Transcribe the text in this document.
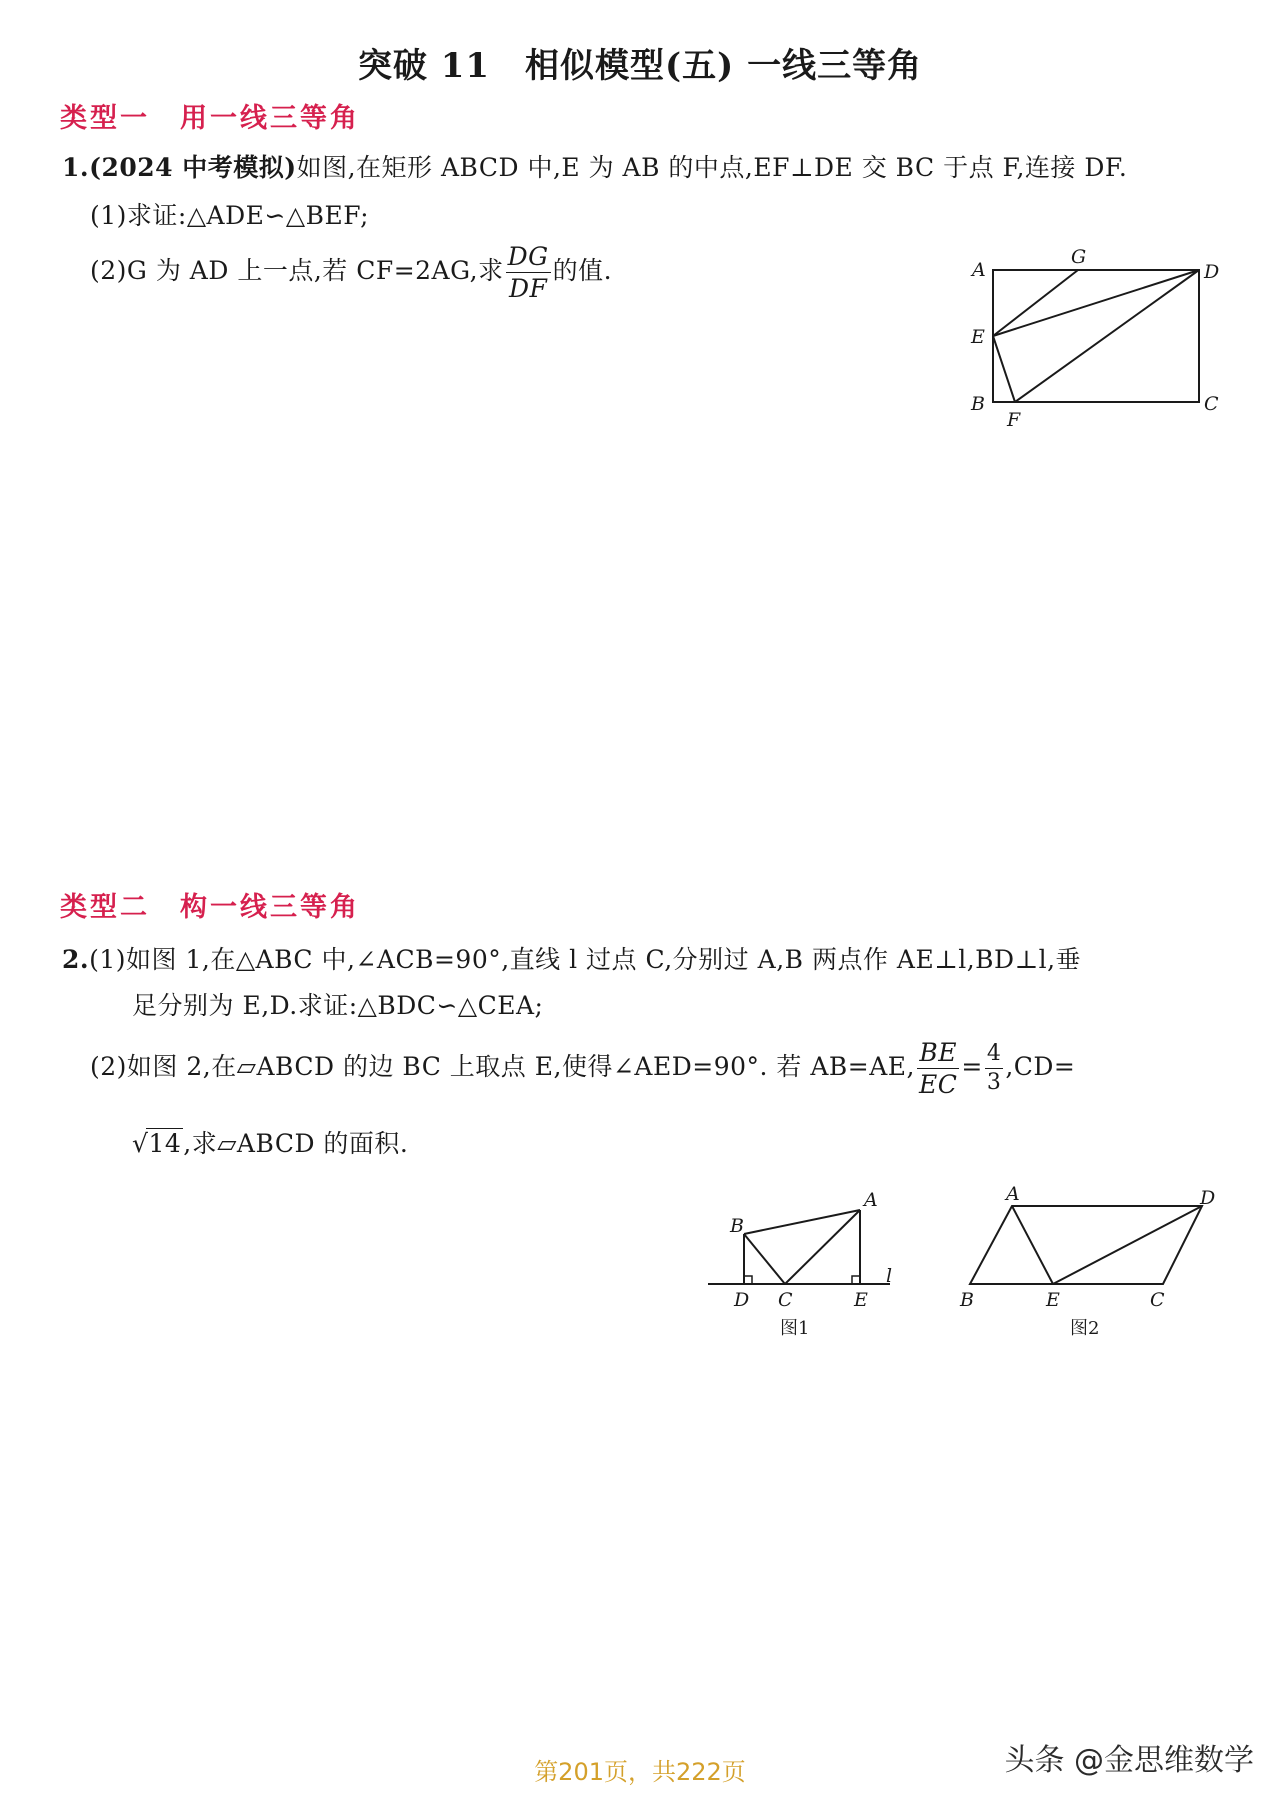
突破 11　相似模型(五) 一线三等角
类型一　用一线三等角
1.(2024 中考模拟)如图,在矩形 ABCD 中,E 为 AB 的中点,EF⊥DE 交 BC 于点 F,连接 DF.
(1)求证:△ADE∽△BEF;
(2)G 为 AD 上一点,若 CF=2AG,求 $\frac{DG}{DF}$ 的值.	A
G
D
E
B
F
C
类型二　构一线三等角
2.(1)如图 1,在△ABC 中,∠ACB=90°,直线 l 过点 C,分别过 A,B 两点作 AE⊥l,BD⊥l,垂
足分别为 E,D.求证:△BDC∽△CEA;
(2)如图 2,在▱ABCD 的边 BC 上取点 E,使得∠AED=90°. 若 AB=AE, $\frac{BE}{EC} = \frac{4}{3} ,CD=$
√14,求▱ABCD 的面积.
B
A
D C	E
l
图1
A	D
B	E	C
图2
头条 @金思维数学
第201页，共222页
